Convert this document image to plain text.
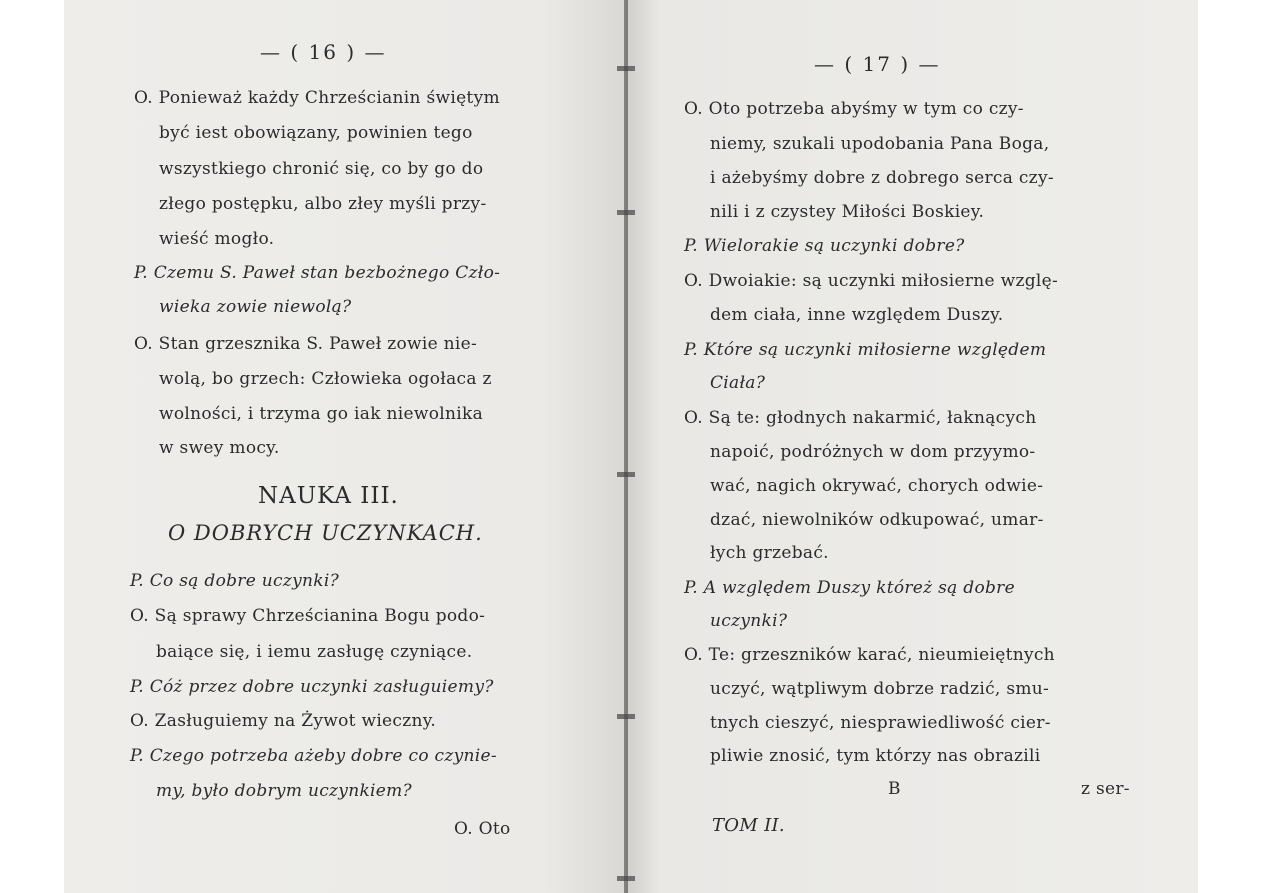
— ( 16 ) —
O. Ponieważ każdy Chrześcianin świętym
być iest obowiązany, powinien tego
wszystkiego chronić się, co by go do
złego postępku, albo złey myśli przy-
wieść mogło.
P. Czemu S. Paweł stan bezbożnego Czło-
wieka zowie niewolą?
O. Stan grzesznika S. Paweł zowie nie-
wolą, bo grzech: Człowieka ogołaca z
wolności, i trzyma go iak niewolnika
w swey mocy.
NAUKA III.
O DOBRYCH UCZYNKACH.
P. Co są dobre uczynki?
O. Są sprawy Chrześcianina Bogu podo-
baiące się, i iemu zasługę czyniące.
P. Cóż przez dobre uczynki zasługuiemy?
O. Zasługuiemy na Żywot wieczny.
P. Czego potrzeba ażeby dobre co czynie-
my, było dobrym uczynkiem?
O. Oto
— ( 17 ) —
O. Oto potrzeba abyśmy w tym co czy-
niemy, szukali upodobania Pana Boga,
i ażebyśmy dobre z dobrego serca czy-
nili i z czystey Miłości Boskiey.
P. Wielorakie są uczynki dobre?
O. Dwoiakie: są uczynki miłosierne wzglę-
dem ciała, inne względem Duszy.
P. Które są uczynki miłosierne względem
Ciała?
O. Są te: głodnych nakarmić, łaknących
napoić, podróżnych w dom przyymo-
wać, nagich okrywać, chorych odwie-
dzać, niewolników odkupować, umar-
łych grzebać.
P. A względem Duszy któreż są dobre
uczynki?
O. Te: grzeszników karać, nieumieiętnych
uczyć, wątpliwym dobrze radzić, smu-
tnych cieszyć, niesprawiedliwość cier-
pliwie znosić, tym którzy nas obrazili
B	z ser-
TOM II.
